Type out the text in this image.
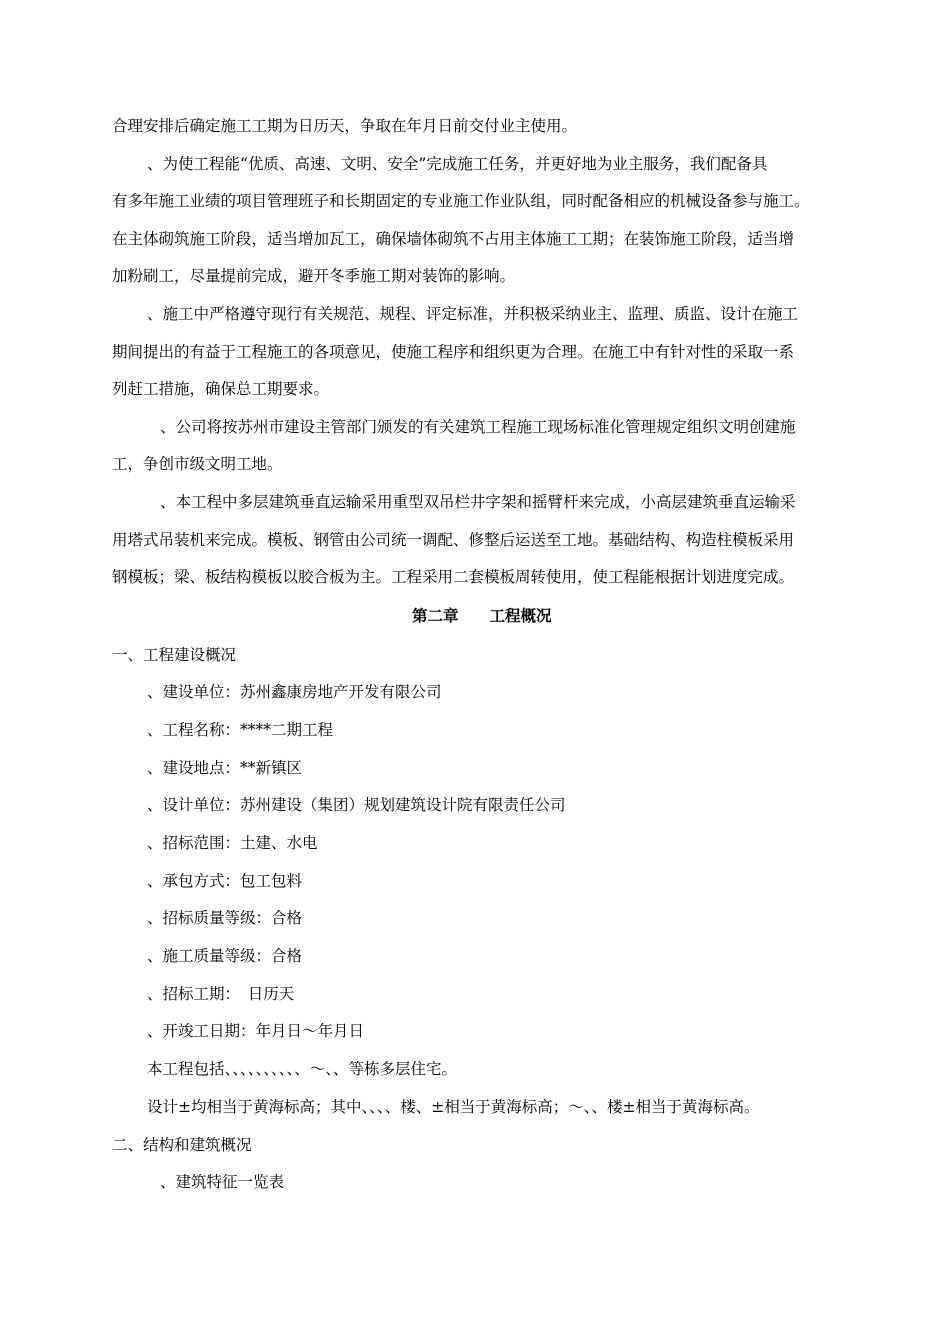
合理安排后确定施工工期为日历天，争取在年月日前交付业主使用。
、为使工程能“优质、高速、文明、安全”完成施工任务，并更好地为业主服务，我们配备具
有多年施工业绩的项目管理班子和长期固定的专业施工作业队组，同时配备相应的机械设备参与施工。
在主体砌筑施工阶段，适当增加瓦工，确保墙体砌筑不占用主体施工工期；在装饰施工阶段，适当增
加粉刷工，尽量提前完成，避开冬季施工期对装饰的影响。
、施工中严格遵守现行有关规范、规程、评定标准，并积极采纳业主、监理、质监、设计在施工
期间提出的有益于工程施工的各项意见，使施工程序和组织更为合理。在施工中有针对性的采取一系
列赶工措施，确保总工期要求。
、公司将按苏州市建设主管部门颁发的有关建筑工程施工现场标准化管理规定组织文明创建施
工，争创市级文明工地。
、本工程中多层建筑垂直运输采用重型双吊栏井字架和摇臂杆来完成，小高层建筑垂直运输采
用塔式吊装机来完成。模板、钢管由公司统一调配、修整后运送至工地。基础结构、构造柱模板采用
钢模板；梁、板结构模板以胶合板为主。工程采用二套模板周转使用，使工程能根据计划进度完成。
第二章　　工程概况
一、工程建设概况
、建设单位：苏州鑫康房地产开发有限公司
、工程名称：****二期工程
、建设地点：**新镇区
、设计单位：苏州建设（集团）规划建筑设计院有限责任公司
、招标范围：土建、水电
、承包方式：包工包料
、招标质量等级：合格
、施工质量等级：合格
、招标工期：　日历天
、开竣工日期：年月日～年月日
本工程包括、、、、、、、、、、～、、等栋多层住宅。
设计±均相当于黄海标高；其中、、、、楼、±相当于黄海标高；～、、楼±相当于黄海标高。
二、结构和建筑概况
、建筑特征一览表
